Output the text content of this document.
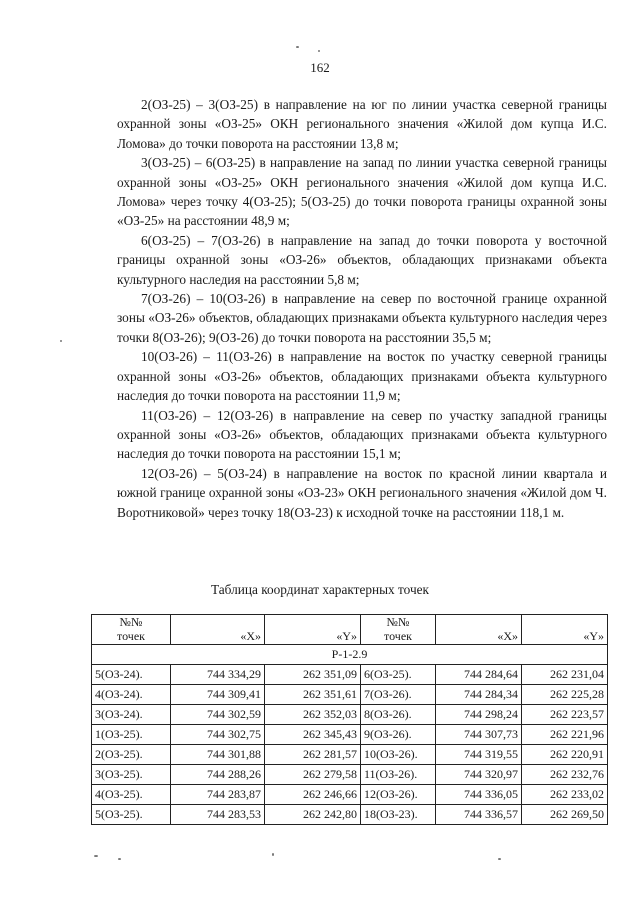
162

2(ОЗ-25) – 3(ОЗ-25) в направление на юг по линии участка северной границы охранной зоны «ОЗ-25» ОКН регионального значения «Жилой дом купца И.С. Ломова» до точки поворота на расстоянии 13,8 м;

3(ОЗ-25) – 6(ОЗ-25) в направление на запад по линии участка северной границы охранной зоны «ОЗ-25» ОКН регионального значения «Жилой дом купца И.С. Ломова» через точку 4(ОЗ-25); 5(ОЗ-25) до точки поворота границы охранной зоны «ОЗ-25» на расстоянии 48,9 м;

6(ОЗ-25) – 7(ОЗ-26) в направление на запад до точки поворота у восточной границы охранной зоны «ОЗ-26» объектов, обладающих признаками объекта культурного наследия на расстоянии 5,8 м;

7(ОЗ-26) – 10(ОЗ-26) в направление на север по восточной границе охранной зоны «ОЗ-26» объектов, обладающих признаками объекта культурного наследия через точки 8(ОЗ-26); 9(ОЗ-26) до точки поворота на расстоянии 35,5 м;

10(ОЗ-26) – 11(ОЗ-26) в направление на восток по участку северной границы охранной зоны «ОЗ-26» объектов, обладающих признаками объекта культурного наследия до точки поворота на расстоянии 11,9 м;

11(ОЗ-26) – 12(ОЗ-26) в направление на север по участку западной границы охранной зоны «ОЗ-26» объектов, обладающих признаками объекта культурного наследия до точки поворота на расстоянии 15,1 м;

12(ОЗ-26) – 5(ОЗ-24) в направление на восток по красной линии квартала и южной границе охранной зоны «ОЗ-23» ОКН регионального значения «Жилой дом Ч. Воротниковой» через точку 18(ОЗ-23) к исходной точке на расстоянии 118,1 м.

Таблица координат характерных точек
№№
точек	«X»	«Y»	№№
точек	«X»	«Y»
Р-1-2.9					
5(ОЗ-24).	744 334,29	262 351,09	6(ОЗ-25).	744 284,64	262 231,04
4(ОЗ-24).	744 309,41	262 351,61	7(ОЗ-26).	744 284,34	262 225,28
3(ОЗ-24).	744 302,59	262 352,03	8(ОЗ-26).	744 298,24	262 223,57
1(ОЗ-25).	744 302,75	262 345,43	9(ОЗ-26).	744 307,73	262 221,96
2(ОЗ-25).	744 301,88	262 281,57	10(ОЗ-26).	744 319,55	262 220,91
3(ОЗ-25).	744 288,26	262 279,58	11(ОЗ-26).	744 320,97	262 232,76
4(ОЗ-25).	744 283,87	262 246,66	12(ОЗ-26).	744 336,05	262 233,02
5(ОЗ-25).	744 283,53	262 242,80	18(ОЗ-23).	744 336,57	262 269,50
